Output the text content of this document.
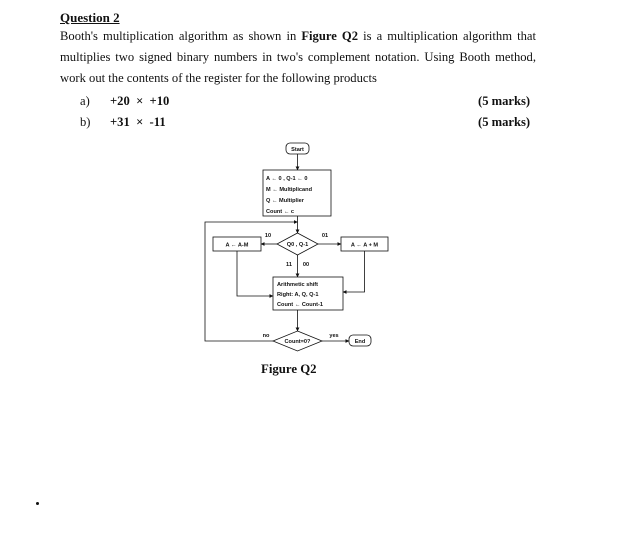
Question 2
Booth's multiplication algorithm as shown in Figure Q2 is a multiplication algorithm that multiplies two signed binary numbers in two's complement notation. Using Booth method, work out the contents of the register for the following products
a) +20  ×  +10	(5 marks)
b) +31  ×  -11	(5 marks)
Start
A ← 0 , Q-1 ← 0
M ← Multiplicand
Q ← Multiplier
Count ← c
Q0 , Q-1
10
A ← A-M
01
A ← A + M
11 00
Arithmetic shift
Right: A, Q, Q-1
Count ← Count-1
Count=0?
no	yes
End
Figure Q2
